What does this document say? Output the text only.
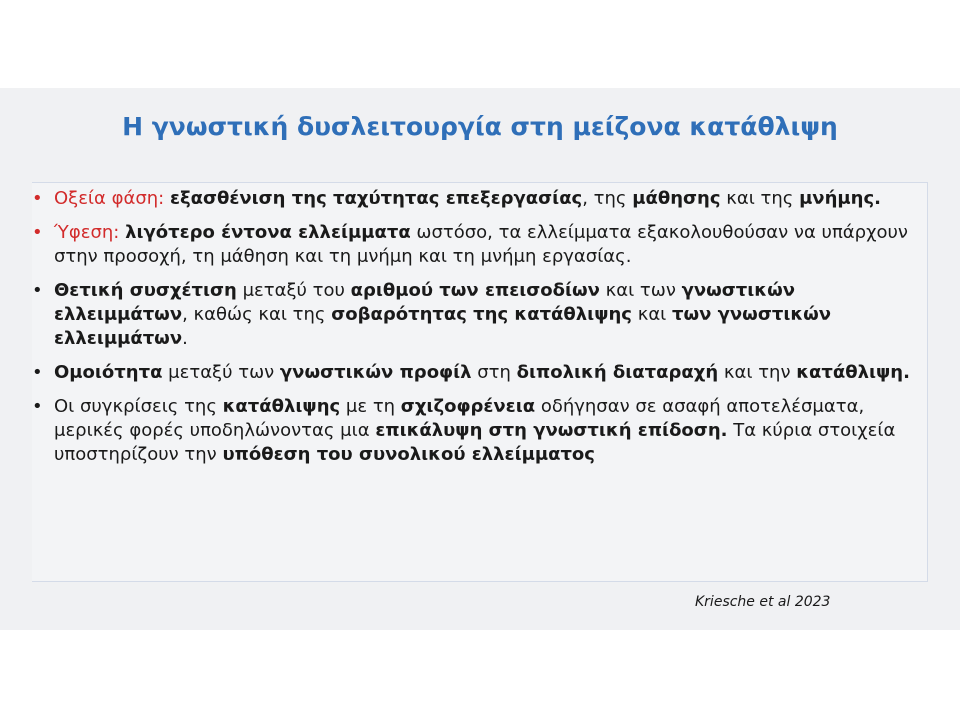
Η γνωστική δυσλειτουργία στη μείζονα κατάθλιψη
• Οξεία φάση: εξασθένιση της ταχύτητας επεξεργασίας, της μάθησης και της μνήμης.
• Ύφεση: λιγότερο έντονα ελλείμματα ωστόσο, τα ελλείμματα εξακολουθούσαν να υπάρχουν στην προσοχή, τη μάθηση και τη μνήμη και τη μνήμη εργασίας.
• Θετική συσχέτιση μεταξύ του αριθμού των επεισοδίων και των γνωστικών ελλειμμάτων, καθώς και της σοβαρότητας της κατάθλιψης και των γνωστικών ελλειμμάτων.
• Ομοιότητα μεταξύ των γνωστικών προφίλ στη διπολική διαταραχή και την κατάθλιψη.
• Οι συγκρίσεις της κατάθλιψης με τη σχιζοφρένεια οδήγησαν σε ασαφή αποτελέσματα, μερικές φορές υποδηλώνοντας μια επικάλυψη στη γνωστική επίδοση. Τα κύρια στοιχεία υποστηρίζουν την υπόθεση του συνολικού ελλείμματος
Kriesche et al 2023
